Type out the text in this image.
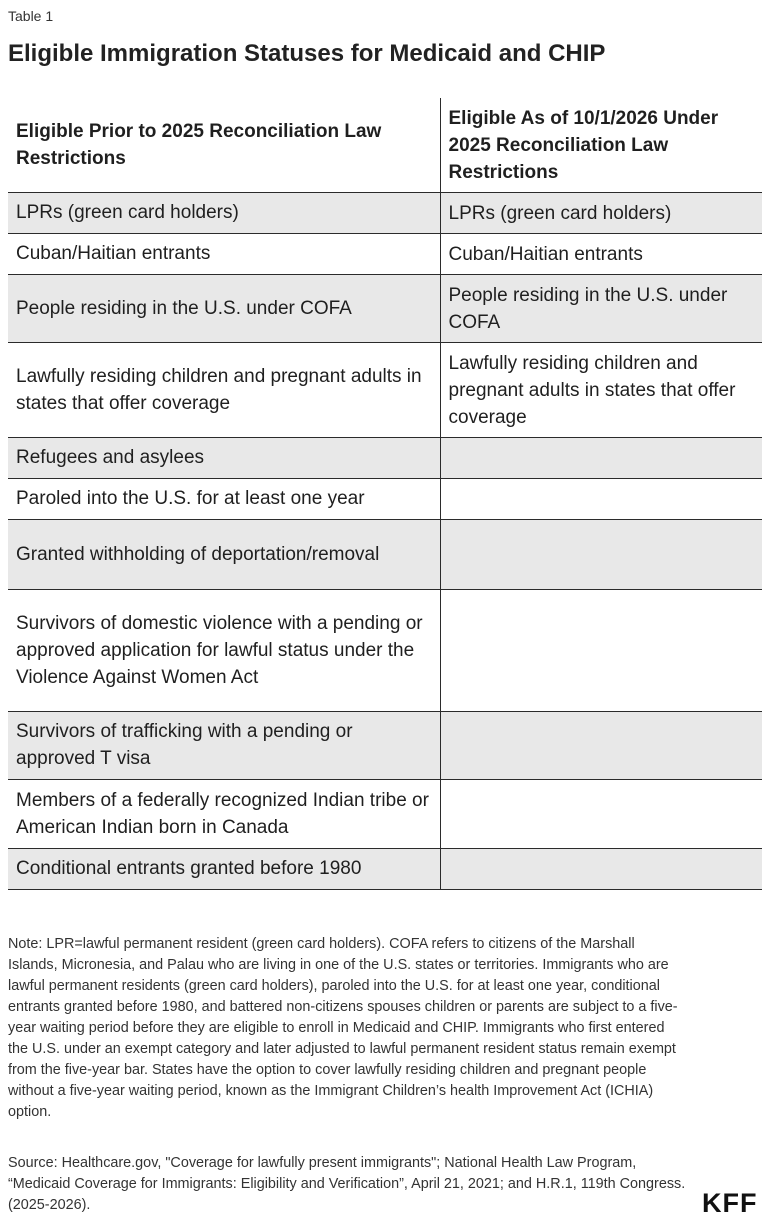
Table 1
Eligible Immigration Statuses for Medicaid and CHIP
Eligible Prior to 2025 Reconciliation Law Restrictions	Eligible As of 10/1/2026 Under 2025 Reconciliation Law Restrictions
LPRs (green card holders)	LPRs (green card holders)
Cuban/Haitian entrants	Cuban/Haitian entrants
People residing in the U.S. under COFA	People residing in the U.S. under COFA
Lawfully residing children and pregnant adults in states that offer coverage	Lawfully residing children and pregnant adults in states that offer coverage
Refugees and asylees	
Paroled into the U.S. for at least one year	
Granted withholding of deportation/removal	
Survivors of domestic violence with a pending or approved application for lawful status under the Violence Against Women Act	
Survivors of trafficking with a pending or approved T visa	
Members of a federally recognized Indian tribe or American Indian born in Canada	
Conditional entrants granted before 1980	
Note: LPR=lawful permanent resident (green card holders). COFA refers to citizens of the Marshall Islands, Micronesia, and Palau who are living in one of the U.S. states or territories. Immigrants who are lawful permanent residents (green card holders), paroled into the U.S. for at least one year, conditional entrants granted before 1980, and battered non-citizens spouses children or parents are subject to a five-year waiting period before they are eligible to enroll in Medicaid and CHIP. Immigrants who first entered the U.S. under an exempt category and later adjusted to lawful permanent resident status remain exempt from the five-year bar. States have the option to cover lawfully residing children and pregnant people without a five-year waiting period, known as the Immigrant Children’s health Improvement Act (ICHIA) option.
Source: Healthcare.gov, "Coverage for lawfully present immigrants"; National Health Law Program, “Medicaid Coverage for Immigrants: Eligibility and Verification”, April 21, 2021; and H.R.1, 119th Congress. (2025-2026).	KFF
